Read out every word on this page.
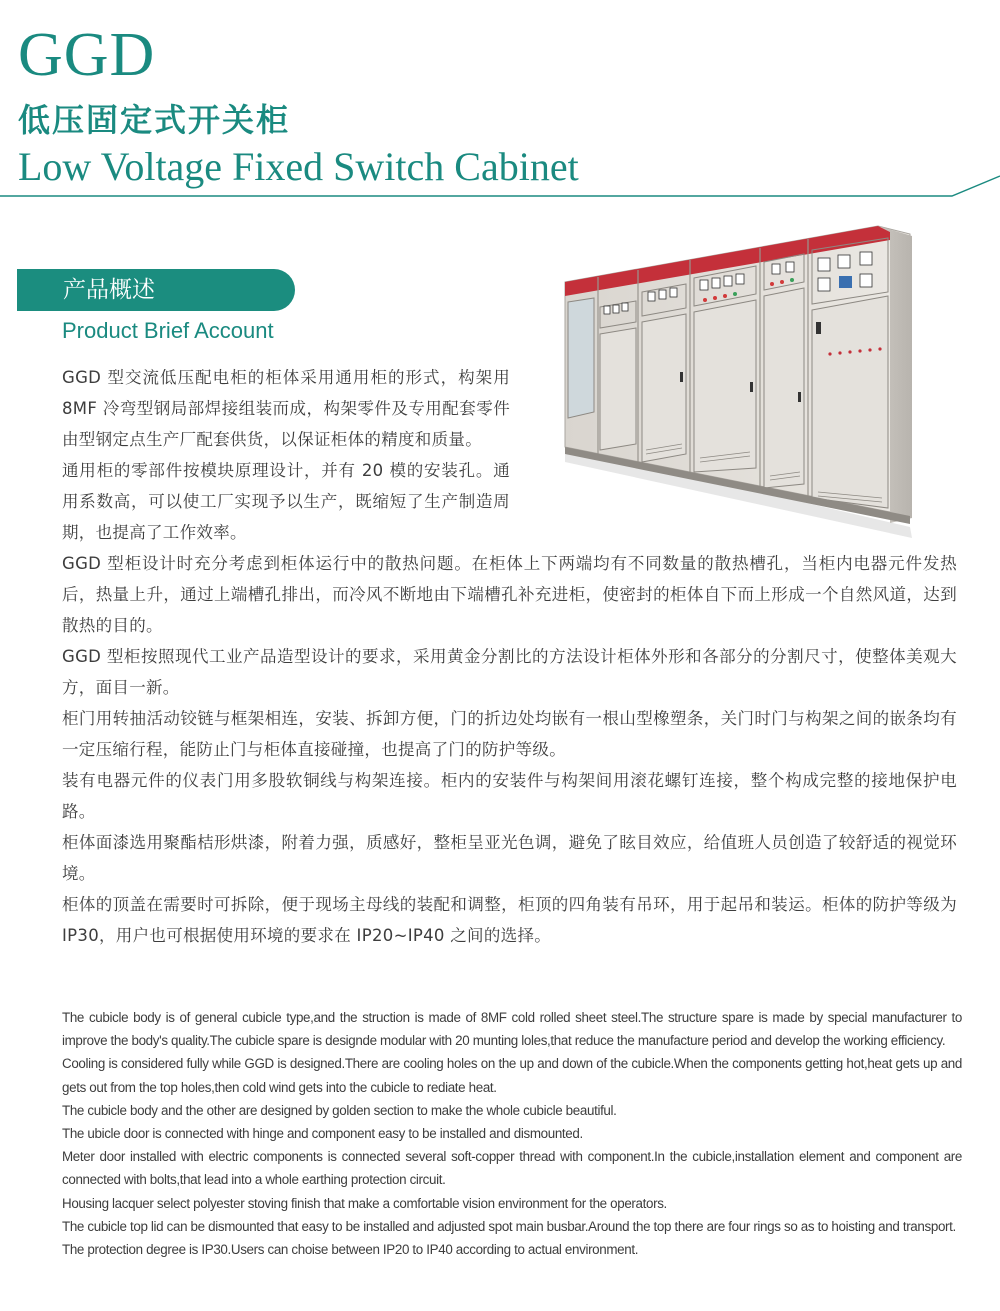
GGD
低压固定式开关柜
Low Voltage Fixed Switch Cabinet
产品概述
Product Brief Account

GGD 型交流低压配电柜的柜体采用通用柜的形式，构架用 8MF 冷弯型钢局部焊接组装而成，构架零件及专用配套零件由型钢定点生产厂配套供货，以保证柜体的精度和质量。

通用柜的零部件按模块原理设计，并有 20 模的安装孔。通用系数高，可以使工厂实现予以生产，既缩短了生产制造周期，也提高了工作效率。

GGD 型柜设计时充分考虑到柜体运行中的散热问题。在柜体上下两端均有不同数量的散热槽孔，当柜内电器元件发热后，热量上升，通过上端槽孔排出，而冷风不断地由下端槽孔补充进柜，使密封的柜体自下而上形成一个自然风道，达到散热的目的。

GGD 型柜按照现代工业产品造型设计的要求，采用黄金分割比的方法设计柜体外形和各部分的分割尺寸，使整体美观大方，面目一新。

柜门用转抽活动铰链与框架相连，安装、拆卸方便，门的折边处均嵌有一根山型橡塑条，关门时门与构架之间的嵌条均有一定压缩行程，能防止门与柜体直接碰撞，也提高了门的防护等级。

装有电器元件的仪表门用多股软铜线与构架连接。柜内的安装件与构架间用滚花螺钉连接，整个构成完整的接地保护电路。

柜体面漆选用聚酯桔形烘漆，附着力强，质感好，整柜呈亚光色调，避免了眩目效应，给值班人员创造了较舒适的视觉环境。

柜体的顶盖在需要时可拆除，便于现场主母线的装配和调整，柜顶的四角装有吊环，用于起吊和装运。柜体的防护等级为 IP30，用户也可根据使用环境的要求在 IP20~IP40 之间的选择。

The cubicle body is of general cubicle type,and the struction is made of 8MF cold rolled sheet steel.The structure spare is made by special manufacturer to improve the body's quality.The cubicle spare is designde modular with 20 munting loles,that reduce the manufacture period and develop the working efficiency.

Cooling is considered fully while GGD is designed.There are cooling holes on the up and down of the cubicle.When the components getting hot,heat gets up and gets out from the top holes,then cold wind gets into the cubicle to rediate heat.

The cubicle body and the other are designed by golden section to make the whole cubicle beautiful.

The ubicle door is connected with hinge and component easy to be installed and dismounted.

Meter door installed with electric components is connected several soft-copper thread with component.In the cubicle,installation element and component are connected with bolts,that lead into a whole earthing protection circuit.

Housing lacquer select polyester stoving finish that make a comfortable vision environment for the operators.

The cubicle top lid can be dismounted that easy to be installed and adjusted spot main busbar.Around the top there are four rings so as to hoisting and transport.

The protection degree is IP30.Users can choise between IP20 to IP40 according to actual environment.
